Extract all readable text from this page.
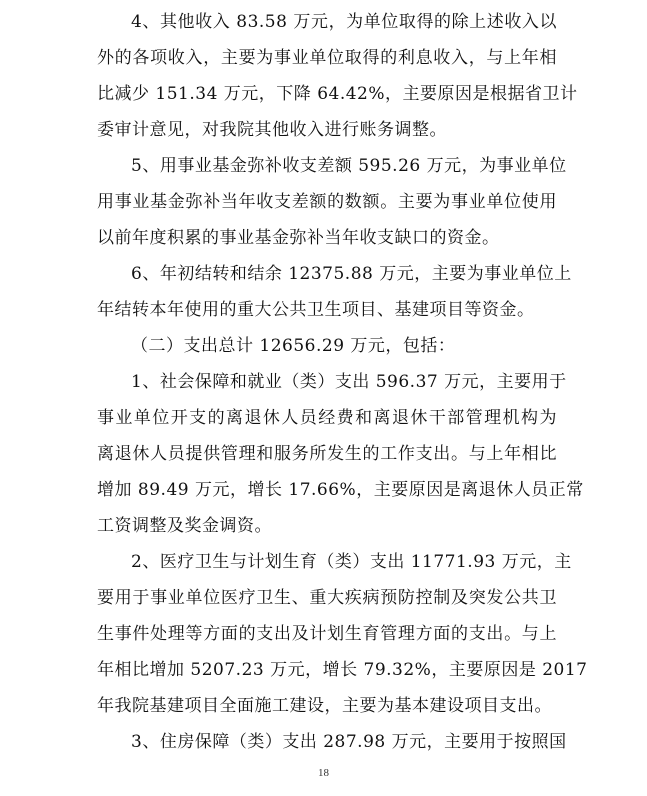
4、其他收入 83.58 万元，为单位取得的除上述收入以
外的各项收入，主要为事业单位取得的利息收入，与上年相
比减少 151.34 万元，下降 64.42%，主要原因是根据省卫计
委审计意见，对我院其他收入进行账务调整。
5、用事业基金弥补收支差额 595.26 万元，为事业单位
用事业基金弥补当年收支差额的数额。主要为事业单位使用
以前年度积累的事业基金弥补当年收支缺口的资金。
6、年初结转和结余 12375.88 万元，主要为事业单位上
年结转本年使用的重大公共卫生项目、基建项目等资金。
（二）支出总计 12656.29 万元，包括：
1、社会保障和就业（类）支出 596.37 万元，主要用于
事业单位开支的离退休人员经费和离退休干部管理机构为
离退休人员提供管理和服务所发生的工作支出。与上年相比
增加 89.49 万元，增长 17.66%，主要原因是离退休人员正常
工资调整及奖金调资。
2、医疗卫生与计划生育（类）支出 11771.93 万元，主
要用于事业单位医疗卫生、重大疾病预防控制及突发公共卫
生事件处理等方面的支出及计划生育管理方面的支出。与上
年相比增加 5207.23 万元，增长 79.32%，主要原因是 2017
年我院基建项目全面施工建设，主要为基本建设项目支出。
3、住房保障（类）支出 287.98 万元，主要用于按照国
18
